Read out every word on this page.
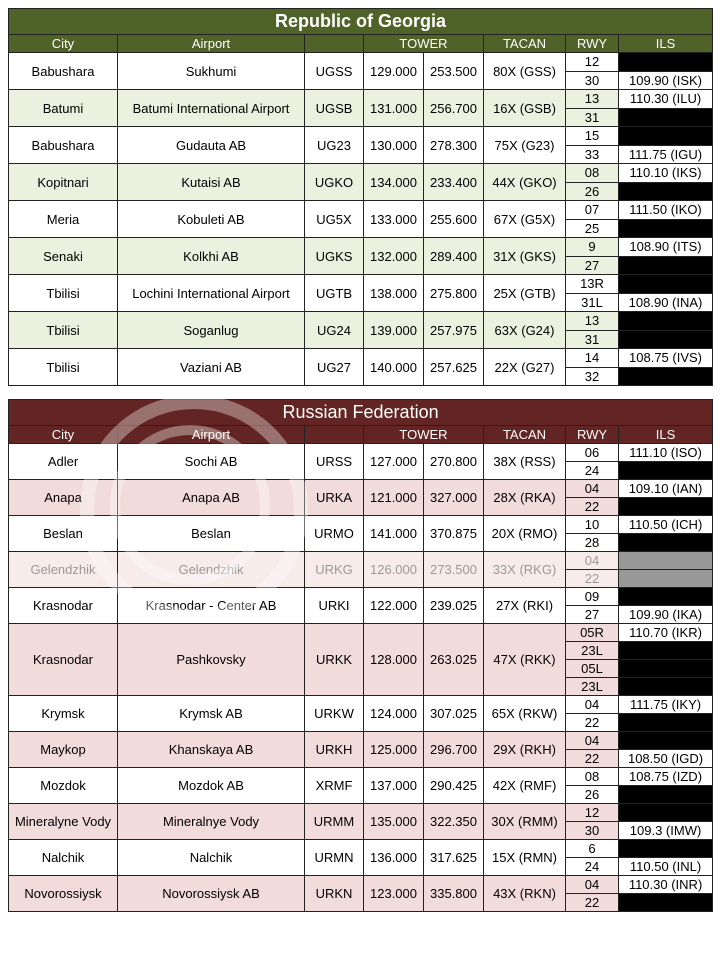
Republic of Georgia							
City	Airport		TOWER		TACAN	RWY	ILS
Babushara	Sukhumi	UGSS	129.000	253.500	80X (GSS)	12	
						30	109.90 (ISK)
Batumi	Batumi International Airport	UGSB	131.000	256.700	16X (GSB)	13	110.30 (ILU)
						31	
Babushara	Gudauta AB	UG23	130.000	278.300	75X (G23)	15	
						33	111.75 (IGU)
Kopitnari	Kutaisi AB	UGKO	134.000	233.400	44X (GKO)	08	110.10 (IKS)
						26	
Meria	Kobuleti AB	UG5X	133.000	255.600	67X (G5X)	07	111.50 (IKO)
						25	
Senaki	Kolkhi AB	UGKS	132.000	289.400	31X (GKS)	9	108.90 (ITS)
						27	
Tbilisi	Lochini International Airport	UGTB	138.000	275.800	25X (GTB)	13R	
						31L	108.90 (INA)
Tbilisi	Soganlug	UG24	139.000	257.975	63X (G24)	13	
						31	
Tbilisi	Vaziani AB	UG27	140.000	257.625	22X (G27)	14	108.75 (IVS)
						32	
Russian Federation							
City	Airport		TOWER		TACAN	RWY	ILS
Adler	Sochi AB	URSS	127.000	270.800	38X (RSS)	06	111.10 (ISO)
						24	
Anapa	Anapa AB	URKA	121.000	327.000	28X (RKA)	04	109.10 (IAN)
						22	
Beslan	Beslan	URMO	141.000	370.875	20X (RMO)	10	110.50 (ICH)
						28	
Gelendzhik	Gelendzhik	URKG	126.000	273.500	33X (RKG)	04	
						22	
Krasnodar	Krasnodar - Center AB	URKI	122.000	239.025	27X (RKI)	09	
						27	109.90 (IKA)
Krasnodar	Pashkovsky	URKK	128.000	263.025	47X (RKK)	05R	110.70 (IKR)
						23L	
						05L	
						23L	
Krymsk	Krymsk AB	URKW	124.000	307.025	65X (RKW)	04	111.75 (IKY)
						22	
Maykop	Khanskaya AB	URKH	125.000	296.700	29X (RKH)	04	
						22	108.50 (IGD)
Mozdok	Mozdok AB	XRMF	137.000	290.425	42X (RMF)	08	108.75 (IZD)
						26	
Mineralyne Vody	Mineralnye Vody	URMM	135.000	322.350	30X (RMM)	12	
						30	109.3 (IMW)
Nalchik	Nalchik	URMN	136.000	317.625	15X (RMN)	6	
						24	110.50 (INL)
Novorossiysk	Novorossiysk AB	URKN	123.000	335.800	43X (RKN)	04	110.30 (INR)
						22	
